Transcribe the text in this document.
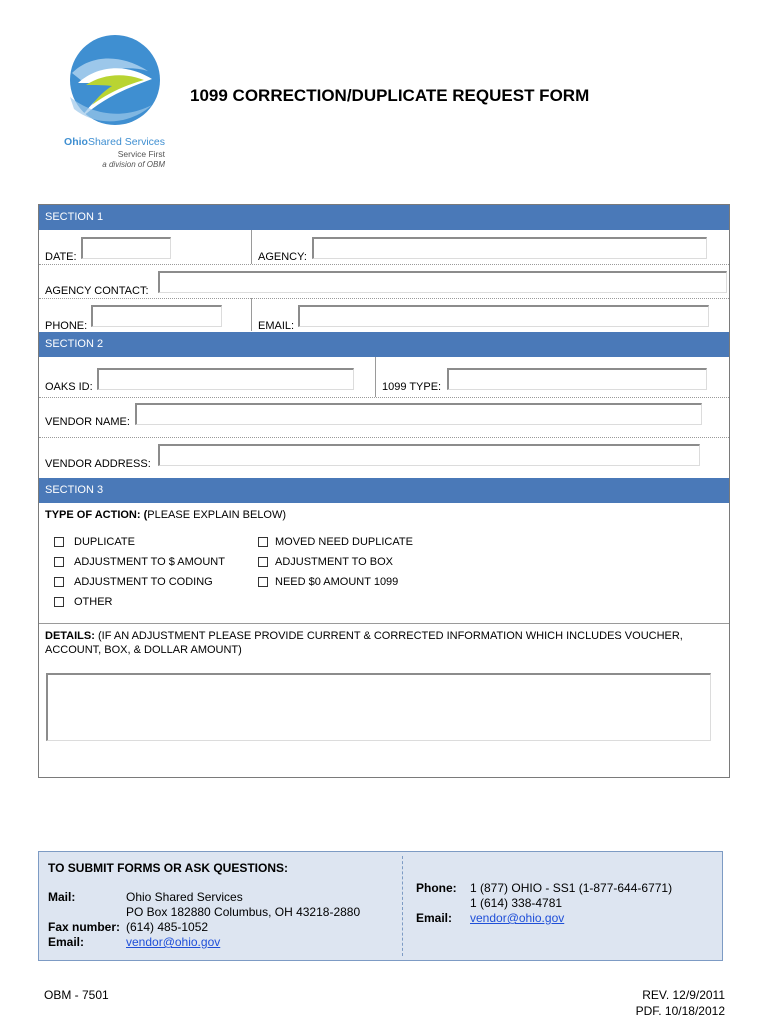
OhioShared Services
Service First
a division of OBM
1099 CORRECTION/DUPLICATE REQUEST FORM
SECTION 1
DATE:	AGENCY:
AGENCY CONTACT:
PHONE:	EMAIL:
SECTION 2
OAKS ID:	1099 TYPE:
VENDOR NAME:
VENDOR ADDRESS:
SECTION 3
TYPE OF ACTION: (PLEASE EXPLAIN BELOW)
DUPLICATE
ADJUSTMENT TO $ AMOUNT
ADJUSTMENT TO CODING
OTHER
MOVED NEED DUPLICATE
ADJUSTMENT TO BOX
NEED $0 AMOUNT 1099
DETAILS: (IF AN ADJUSTMENT PLEASE PROVIDE CURRENT & CORRECTED INFORMATION WHICH INCLUDES VOUCHER,
ACCOUNT, BOX, & DOLLAR AMOUNT)
TO SUBMIT FORMS OR ASK QUESTIONS:
Mail:	Ohio Shared Services
PO Box 182880 Columbus, OH 43218-2880
Fax number: (614) 485-1052
Email:	vendor@ohio.gov
Phone: 1 (877) OHIO - SS1 (1-877-644-6771)
1 (614) 338-4781
Email: vendor@ohio.gov
OBM - 7501	REV. 12/9/2011
PDF. 10/18/2012
